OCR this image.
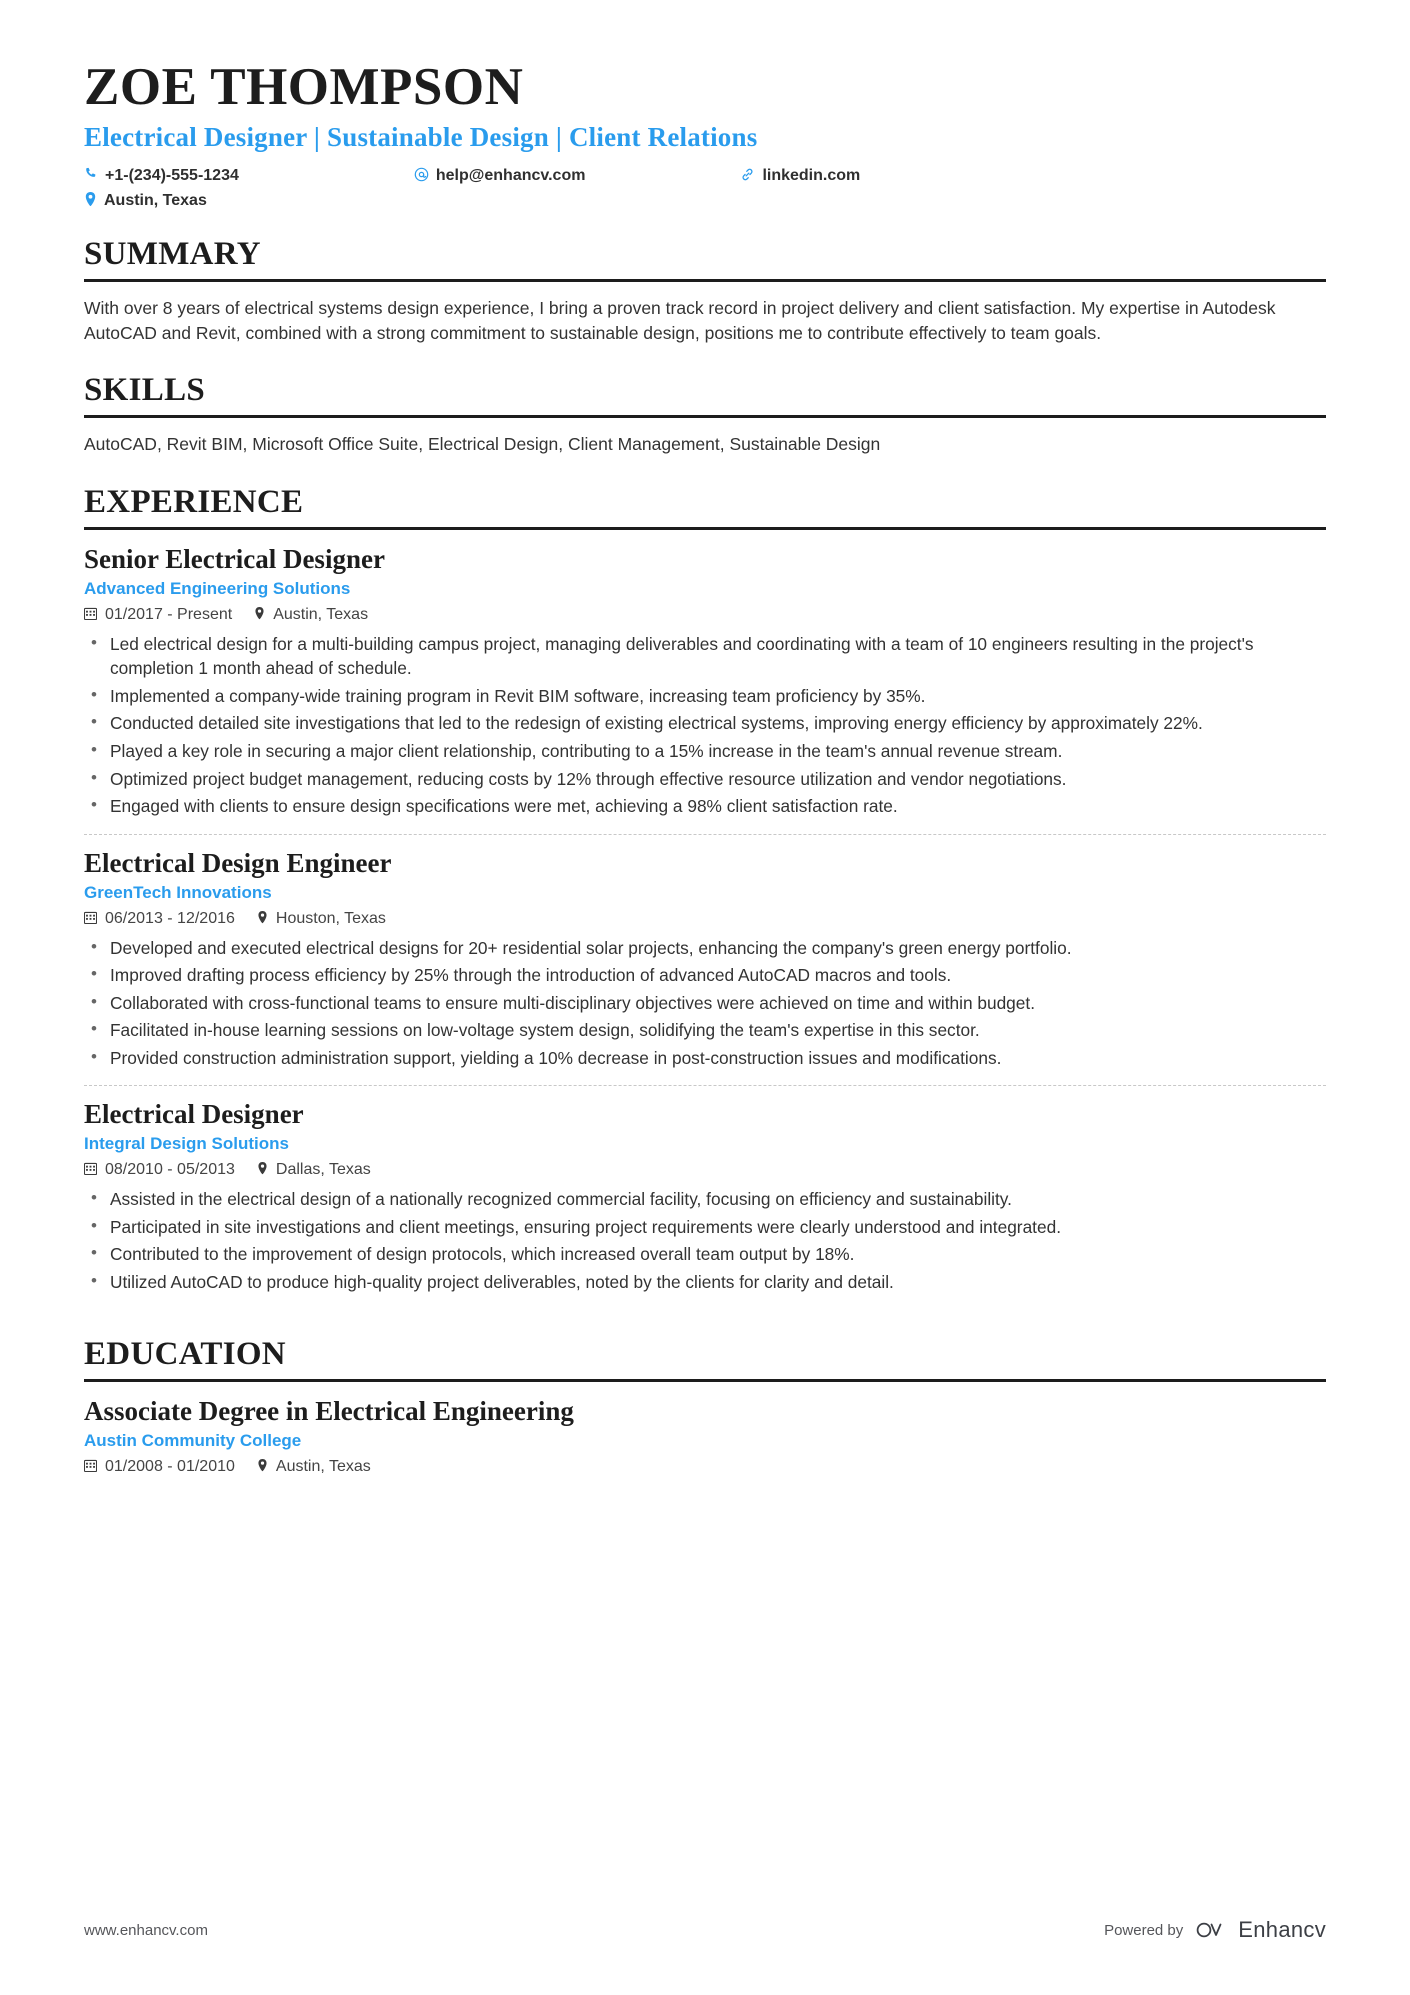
ZOE THOMPSON
Electrical Designer | Sustainable Design | Client Relations
+1-(234)-555-1234	help@enhancv.com	linkedin.com
Austin, Texas
SUMMARY
With over 8 years of electrical systems design experience, I bring a proven track record in project delivery and client satisfaction. My expertise in Autodesk AutoCAD and Revit, combined with a strong commitment to sustainable design, positions me to contribute effectively to team goals.
SKILLS
AutoCAD, Revit BIM, Microsoft Office Suite, Electrical Design, Client Management, Sustainable Design
EXPERIENCE
Senior Electrical Designer
Advanced Engineering Solutions
01/2017 - Present	Austin, Texas
• Led electrical design for a multi-building campus project, managing deliverables and coordinating with a team of 10 engineers resulting in the project's completion 1 month ahead of schedule.
• Implemented a company-wide training program in Revit BIM software, increasing team proficiency by 35%.
• Conducted detailed site investigations that led to the redesign of existing electrical systems, improving energy efficiency by approximately 22%.
• Played a key role in securing a major client relationship, contributing to a 15% increase in the team's annual revenue stream.
• Optimized project budget management, reducing costs by 12% through effective resource utilization and vendor negotiations.
• Engaged with clients to ensure design specifications were met, achieving a 98% client satisfaction rate.
Electrical Design Engineer
GreenTech Innovations
06/2013 - 12/2016	Houston, Texas
• Developed and executed electrical designs for 20+ residential solar projects, enhancing the company's green energy portfolio.
• Improved drafting process efficiency by 25% through the introduction of advanced AutoCAD macros and tools.
• Collaborated with cross-functional teams to ensure multi-disciplinary objectives were achieved on time and within budget.
• Facilitated in-house learning sessions on low-voltage system design, solidifying the team's expertise in this sector.
• Provided construction administration support, yielding a 10% decrease in post-construction issues and modifications.
Electrical Designer
Integral Design Solutions
08/2010 - 05/2013	Dallas, Texas
• Assisted in the electrical design of a nationally recognized commercial facility, focusing on efficiency and sustainability.
• Participated in site investigations and client meetings, ensuring project requirements were clearly understood and integrated.
• Contributed to the improvement of design protocols, which increased overall team output by 18%.
• Utilized AutoCAD to produce high-quality project deliverables, noted by the clients for clarity and detail.
EDUCATION
Associate Degree in Electrical Engineering
Austin Community College
01/2008 - 01/2010	Austin, Texas
www.enhancv.com	Powered by	Enhancv
